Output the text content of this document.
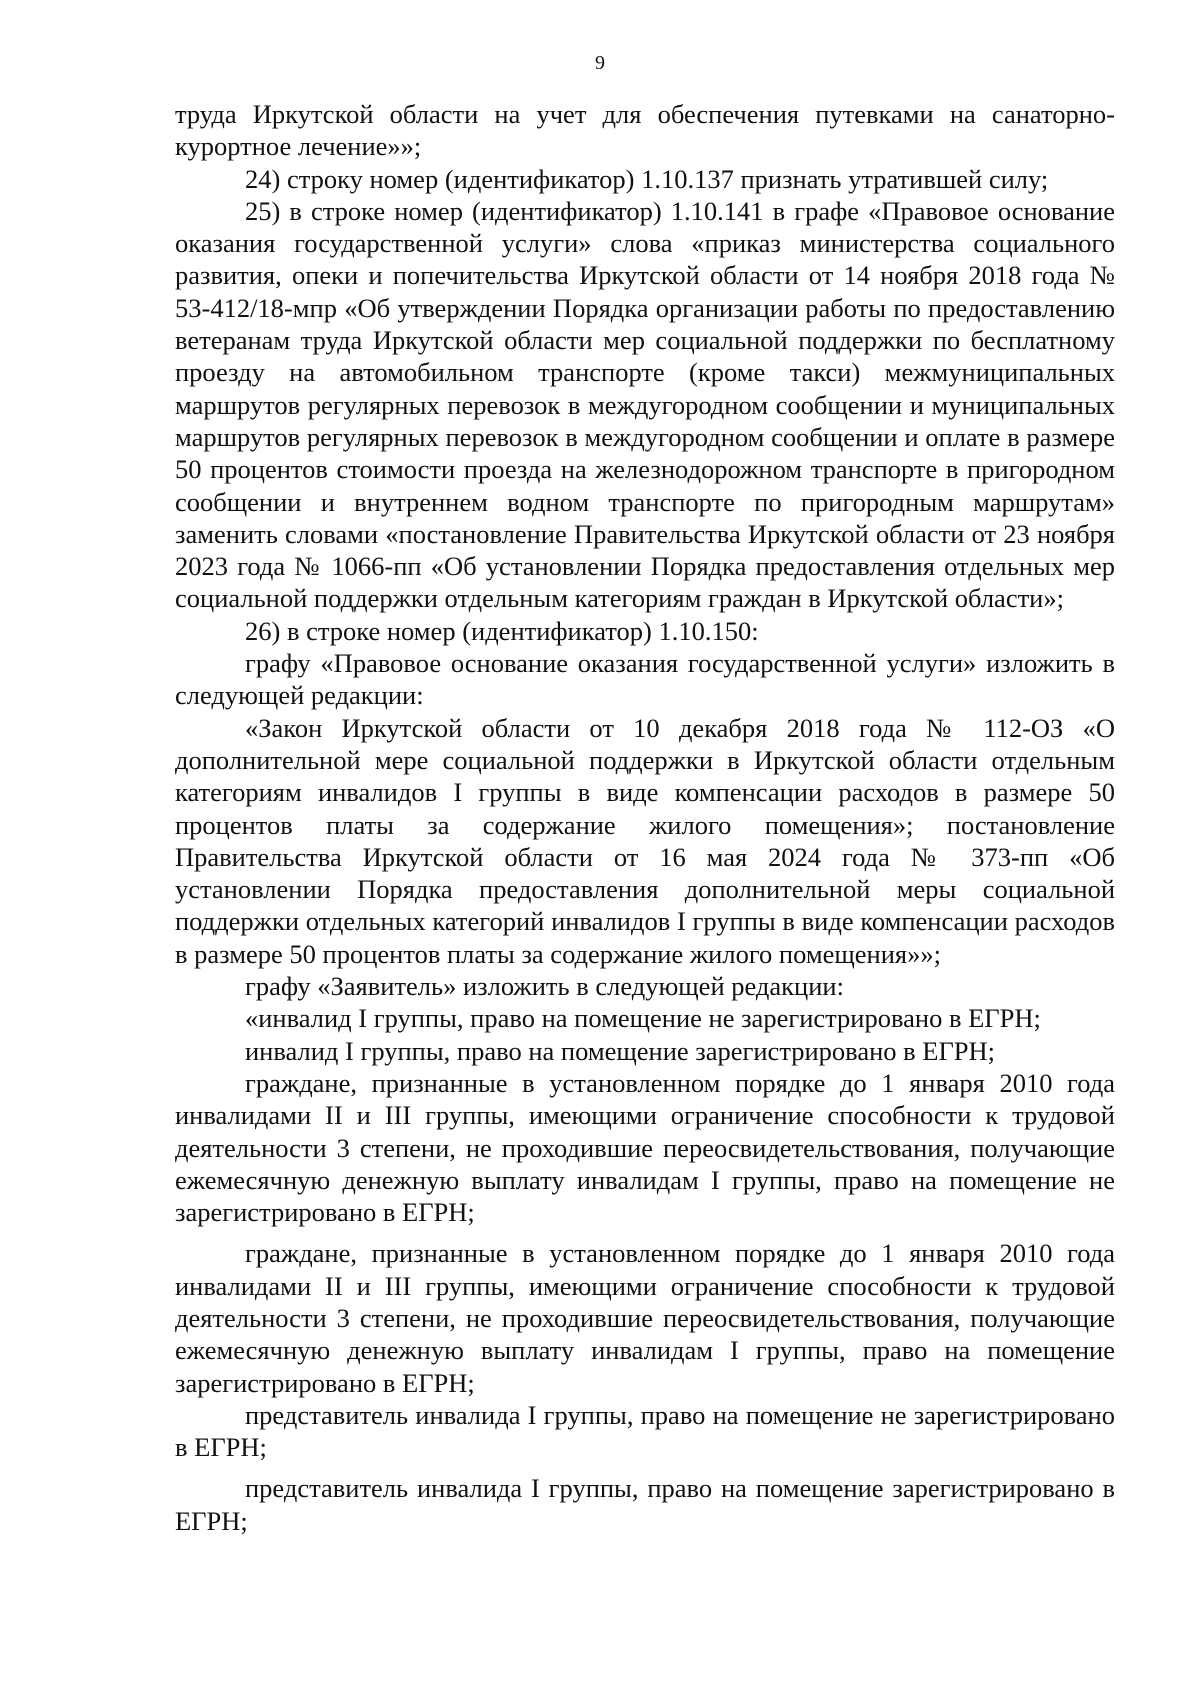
9

труда Иркутской области на учет для обеспечения путевками на санаторно-курортное лечение»»;

24) строку номер (идентификатор) 1.10.137 признать утратившей силу;

25) в строке номер (идентификатор) 1.10.141 в графе «Правовое основание оказания государственной услуги» слова «приказ министерства социального развития, опеки и попечительства Иркутской области от 14 ноября 2018 года № 53-412/18-мпр «Об утверждении Порядка организации работы по предоставлению ветеранам труда Иркутской области мер социальной поддержки по бесплатному проезду на автомобильном транспорте (кроме такси) межмуниципальных маршрутов регулярных перевозок в междугородном сообщении и муниципальных маршрутов регулярных перевозок в междугородном сообщении и оплате в размере 50 процентов стоимости проезда на железнодорожном транспорте в пригородном сообщении и внутреннем водном транспорте по пригородным маршрутам» заменить словами «постановление Правительства Иркутской области от 23 ноября 2023 года № 1066-пп «Об установлении Порядка предоставления отдельных мер социальной поддержки отдельным категориям граждан в Иркутской области»;

26) в строке номер (идентификатор) 1.10.150:

графу «Правовое основание оказания государственной услуги» изложить в следующей редакции:

«Закон Иркутской области от 10 декабря 2018 года № 112-ОЗ «О дополнительной мере социальной поддержки в Иркутской области отдельным категориям инвалидов I группы в виде компенсации расходов в размере 50 процентов платы за содержание жилого помещения»; постановление Правительства Иркутской области от 16 мая 2024 года № 373-пп «Об установлении Порядка предоставления дополнительной меры социальной поддержки отдельных категорий инвалидов I группы в виде компенсации расходов в размере 50 процентов платы за содержание жилого помещения»»;

графу «Заявитель» изложить в следующей редакции:

«инвалид I группы, право на помещение не зарегистрировано в ЕГРН;

инвалид I группы, право на помещение зарегистрировано в ЕГРН;

граждане, признанные в установленном порядке до 1 января 2010 года инвалидами II и III группы, имеющими ограничение способности к трудовой деятельности 3 степени, не проходившие переосвидетельствования, получающие ежемесячную денежную выплату инвалидам I группы, право на помещение не зарегистрировано в ЕГРН;

граждане, признанные в установленном порядке до 1 января 2010 года инвалидами II и III группы, имеющими ограничение способности к трудовой деятельности 3 степени, не проходившие переосвидетельствования, получающие ежемесячную денежную выплату инвалидам I группы, право на помещение зарегистрировано в ЕГРН;

представитель инвалида I группы, право на помещение не зарегистрировано в ЕГРН;

представитель инвалида I группы, право на помещение зарегистрировано в ЕГРН;
